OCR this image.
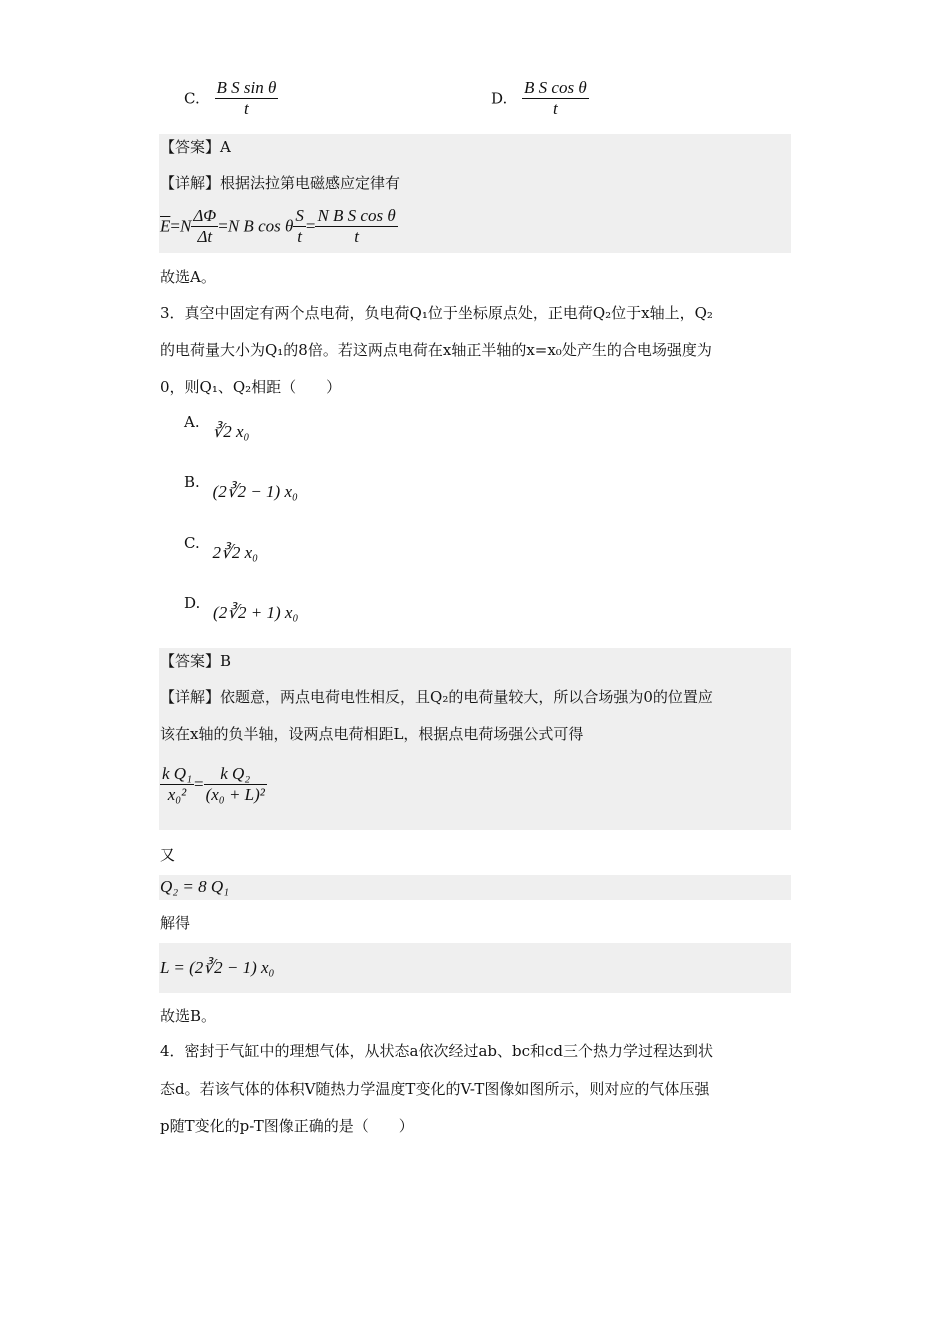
C. $\frac{\text{B S sin θ}}{t}$	D. $\frac{\text{B S cos θ}}{t}$
【答案】A
【详解】根据法拉第电磁感应定律有
$\overline{E}=N \frac{\Delta\Phi}{\Delta t} =N$ B cos θ $\frac{S}{t} = \frac{\text{N B S cos θ}}{t}$
故选A。
3．真空中固定有两个点电荷，负电荷Q₁位于坐标原点处，正电荷Q₂位于x轴上，Q₂
的电荷量大小为Q₁的8倍。若这两点电荷在x轴正半轴的x=x₀处产生的合电场强度为
0，则Q₁、Q₂相距（　　）
A. ∛2 x₀
B. (2∛2 − 1) x₀
C. 2∛2 x₀
D. (2∛2 + 1) x₀
【答案】B
【详解】依题意，两点电荷电性相反，且Q₂的电荷量较大，所以合场强为0的位置应
该在x轴的负半轴，设两点电荷相距L，根据点电荷场强公式可得
$\frac{\text{k Q₁}}{\text{x₀²}} = \frac{\text{k Q₂}}{\text{(x₀ + L)²}}$
又
Q₂ = 8 Q₁
解得
L = (2∛2 − 1) x₀
故选B。
4．密封于气缸中的理想气体，从状态a依次经过ab、bc和cd三个热力学过程达到状
态d。若该气体的体积V随热力学温度T变化的V-T图像如图所示，则对应的气体压强
p随T变化的p-T图像正确的是（　　）
